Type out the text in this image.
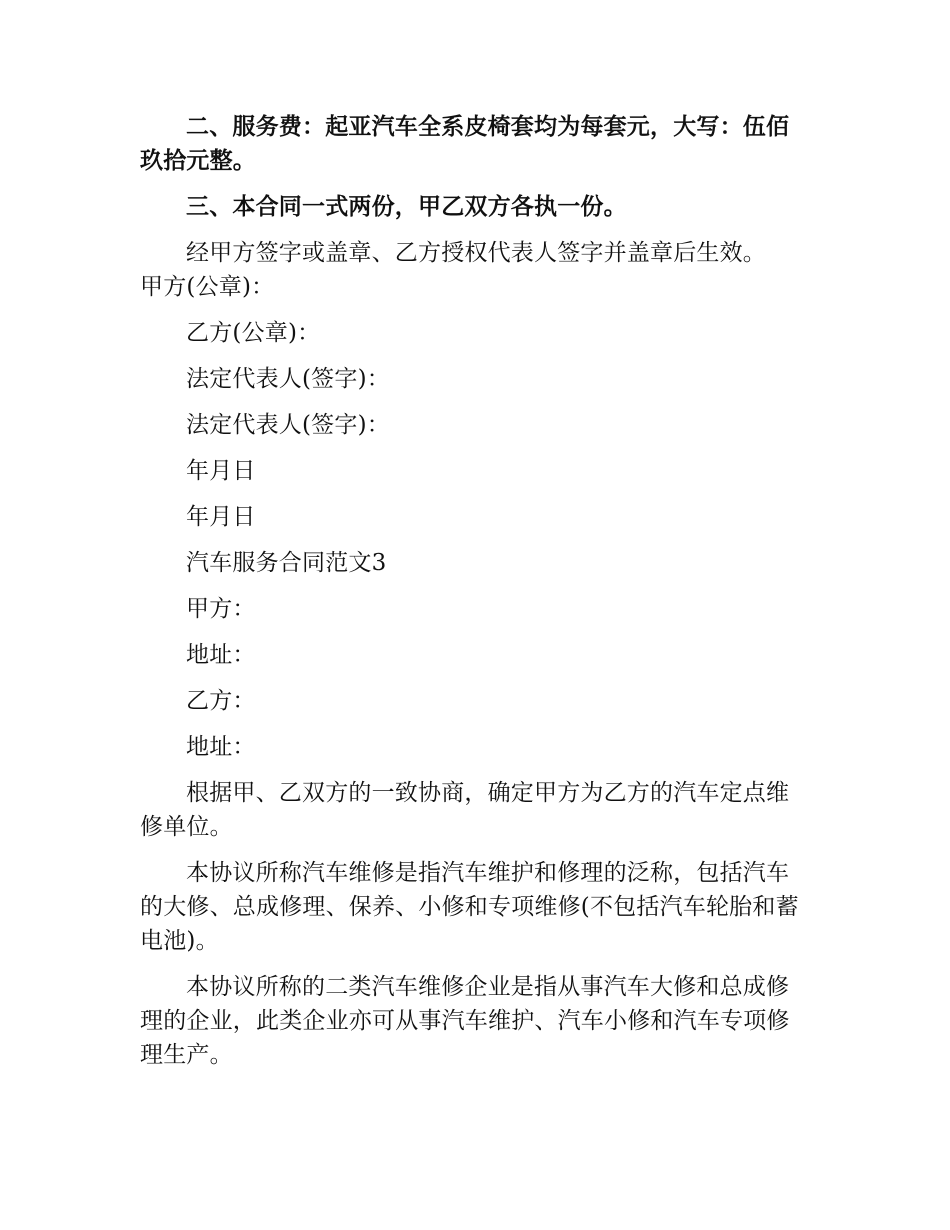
二、服务费：起亚汽车全系皮椅套均为每套元，大写：伍佰玖拾元整。

三、本合同一式两份，甲乙双方各执一份。

经甲方签字或盖章、乙方授权代表人签字并盖章后生效。

甲方(公章)：

乙方(公章)：

法定代表人(签字)：

法定代表人(签字)：

年月日

年月日

汽车服务合同范文3

甲方：

地址：

乙方：

地址：

根据甲、乙双方的一致协商，确定甲方为乙方的汽车定点维修单位。

本协议所称汽车维修是指汽车维护和修理的泛称，包括汽车的大修、总成修理、保养、小修和专项维修(不包括汽车轮胎和蓄电池)。

本协议所称的二类汽车维修企业是指从事汽车大修和总成修理的企业，此类企业亦可从事汽车维护、汽车小修和汽车专项修理生产。
